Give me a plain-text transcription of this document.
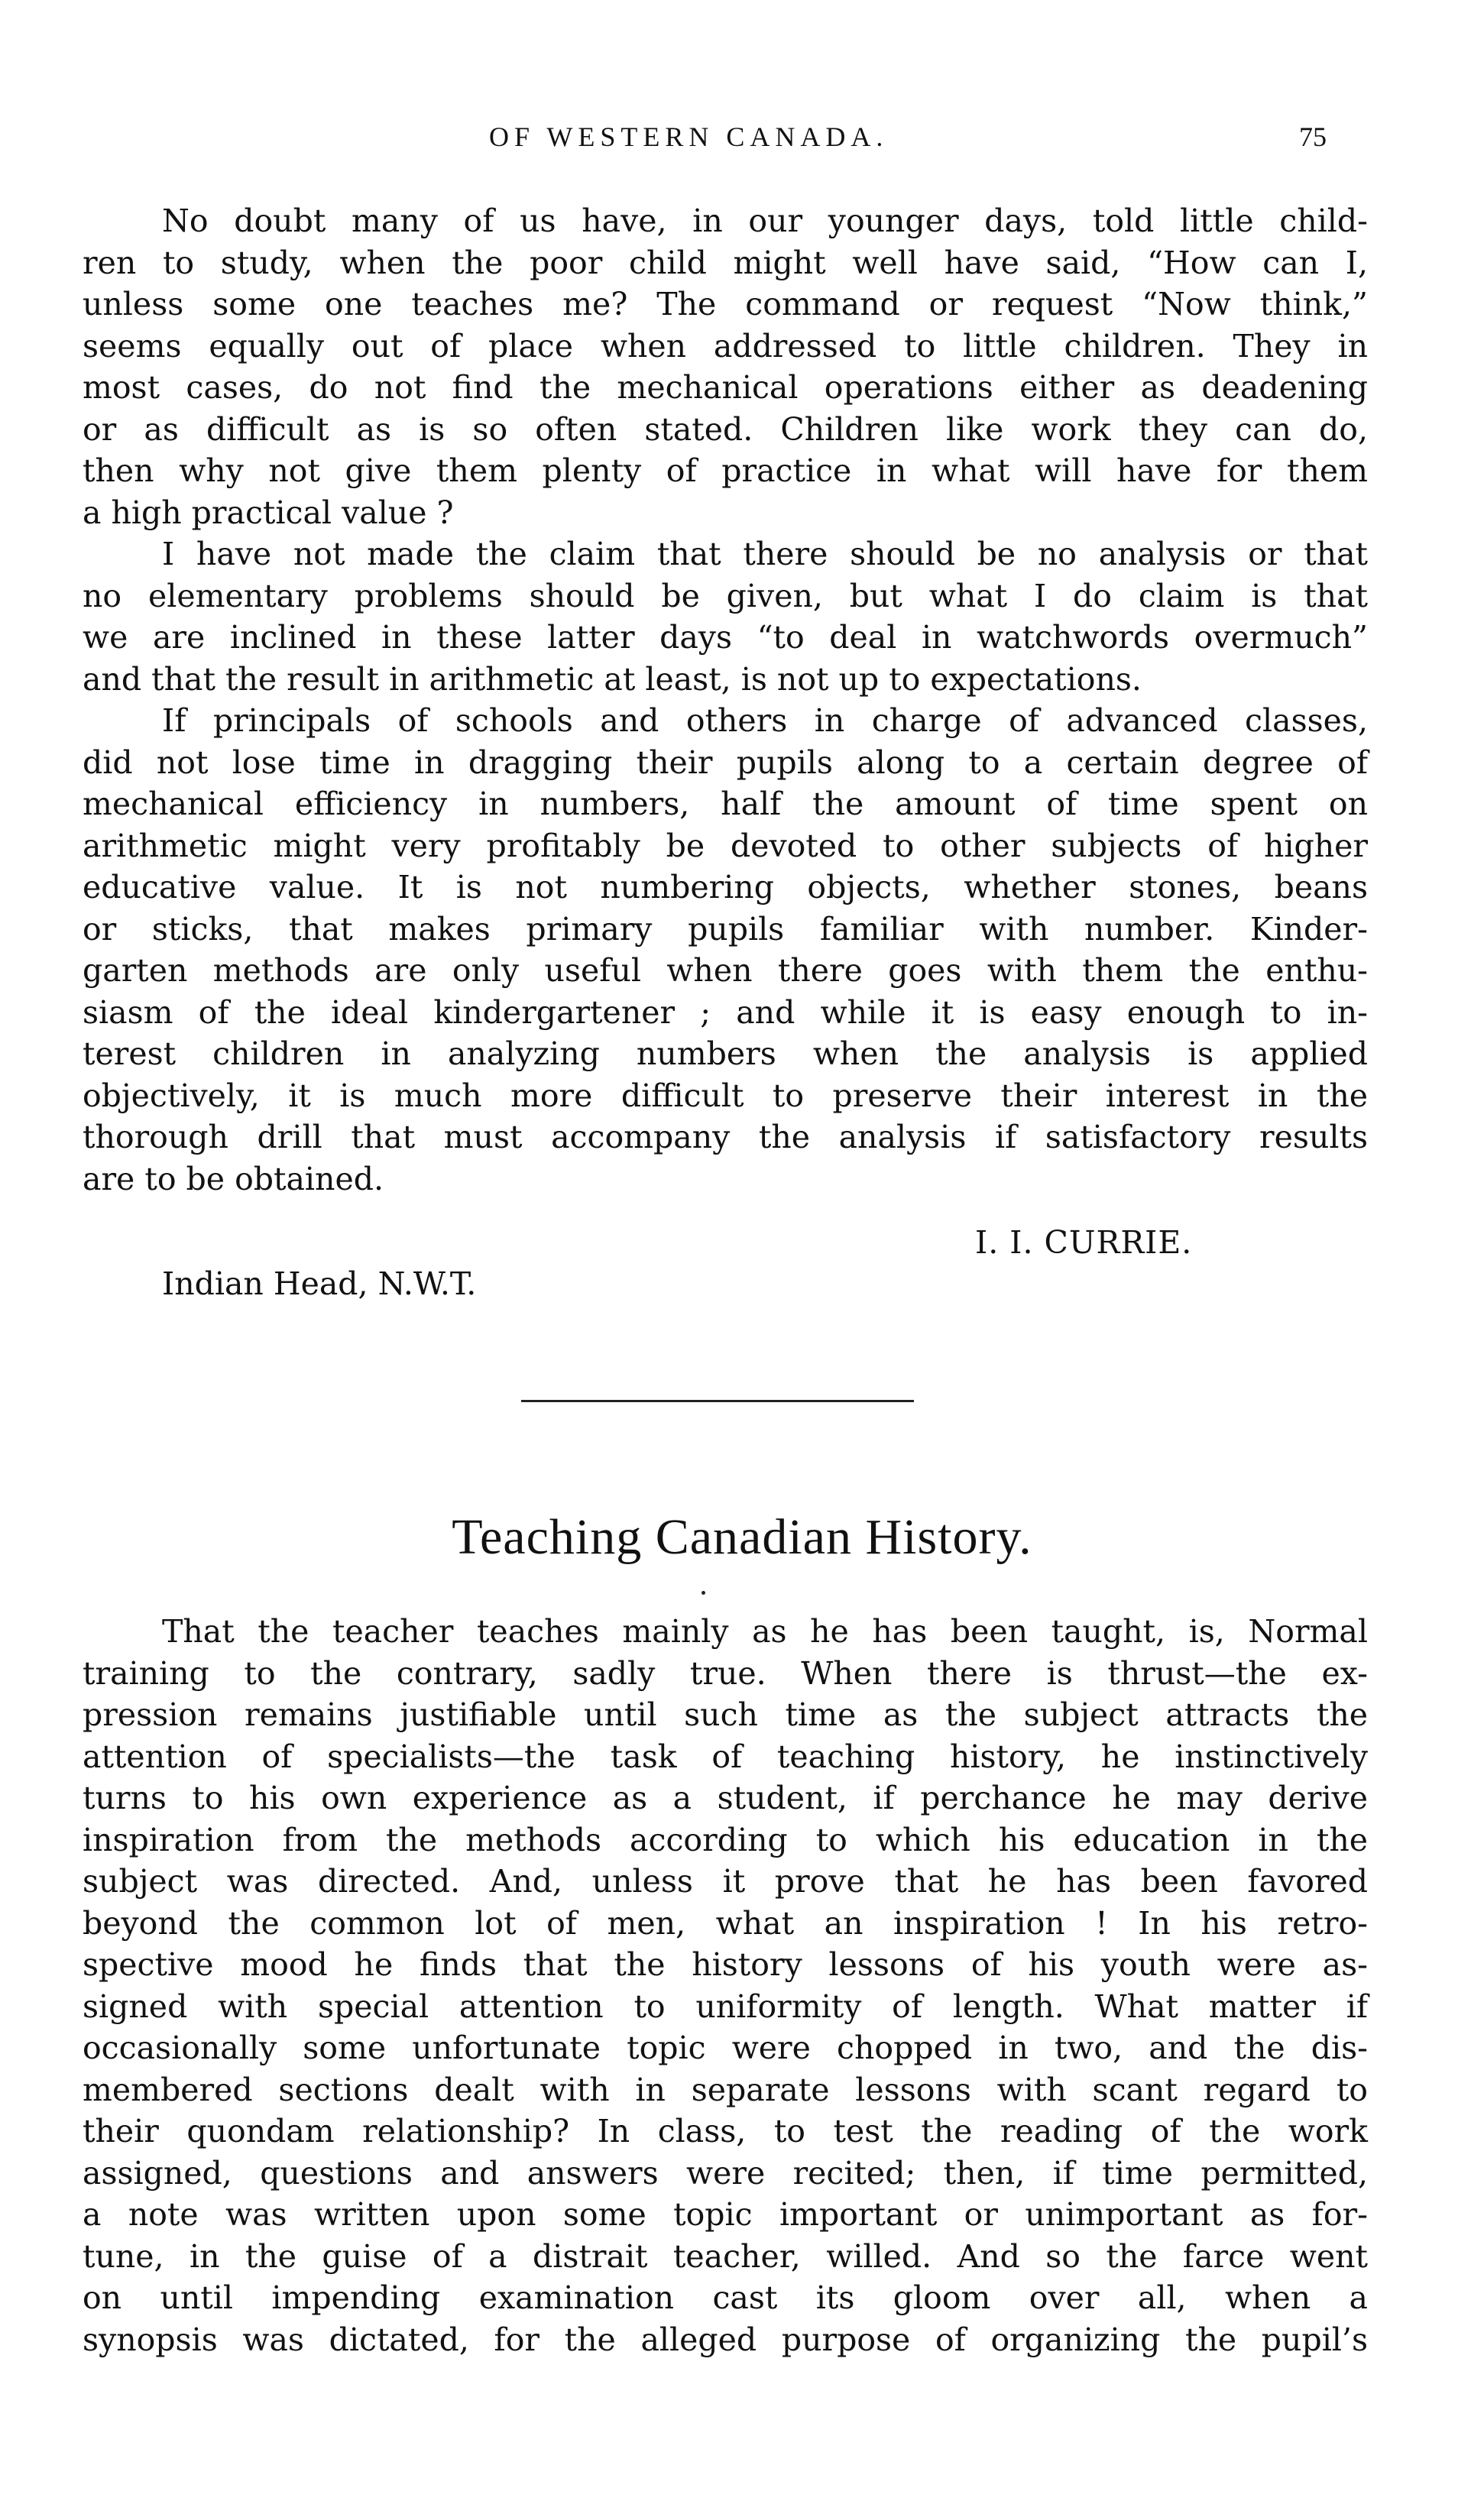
OF WESTERN CANADA.	75
No doubt many of us have, in our younger days, told little child-
ren to study, when the poor child might well have said, “How can I,
unless some one teaches me? The command or request “Now think,”
seems equally out of place when addressed to little children. They in
most cases, do not find the mechanical operations either as deadening
or as difficult as is so often stated. Children like work they can do,
then why not give them plenty of practice in what will have for them
a high practical value ?
I have not made the claim that there should be no analysis or that
no elementary problems should be given, but what I do claim is that
we are inclined in these latter days “to deal in watchwords overmuch”
and that the result in arithmetic at least, is not up to expectations.
If principals of schools and others in charge of advanced classes,
did not lose time in dragging their pupils along to a certain degree of
mechanical efficiency in numbers, half the amount of time spent on
arithmetic might very profitably be devoted to other subjects of higher
educative value. It is not numbering objects, whether stones, beans
or sticks, that makes primary pupils familiar with number. Kinder-
garten methods are only useful when there goes with them the enthu-
siasm of the ideal kindergartener ; and while it is easy enough to in-
terest children in analyzing numbers when the analysis is applied
objectively, it is much more difficult to preserve their interest in the
thorough drill that must accompany the analysis if satisfactory results
are to be obtained.
I. I. CURRIE.
Indian Head, N.W.T.
Teaching Canadian History.
That the teacher teaches mainly as he has been taught, is, Normal
training to the contrary, sadly true. When there is thrust—the ex-
pression remains justifiable until such time as the subject attracts the
attention of specialists—the task of teaching history, he instinctively
turns to his own experience as a student, if perchance he may derive
inspiration from the methods according to which his education in the
subject was directed. And, unless it prove that he has been favored
beyond the common lot of men, what an inspiration ! In his retro-
spective mood he finds that the history lessons of his youth were as-
signed with special attention to uniformity of length. What matter if
occasionally some unfortunate topic were chopped in two, and the dis-
membered sections dealt with in separate lessons with scant regard to
their quondam relationship? In class, to test the reading of the work
assigned, questions and answers were recited; then, if time permitted,
a note was written upon some topic important or unimportant as for-
tune, in the guise of a distrait teacher, willed. And so the farce went
on until impending examination cast its gloom over all, when a
synopsis was dictated, for the alleged purpose of organizing the pupil’s
